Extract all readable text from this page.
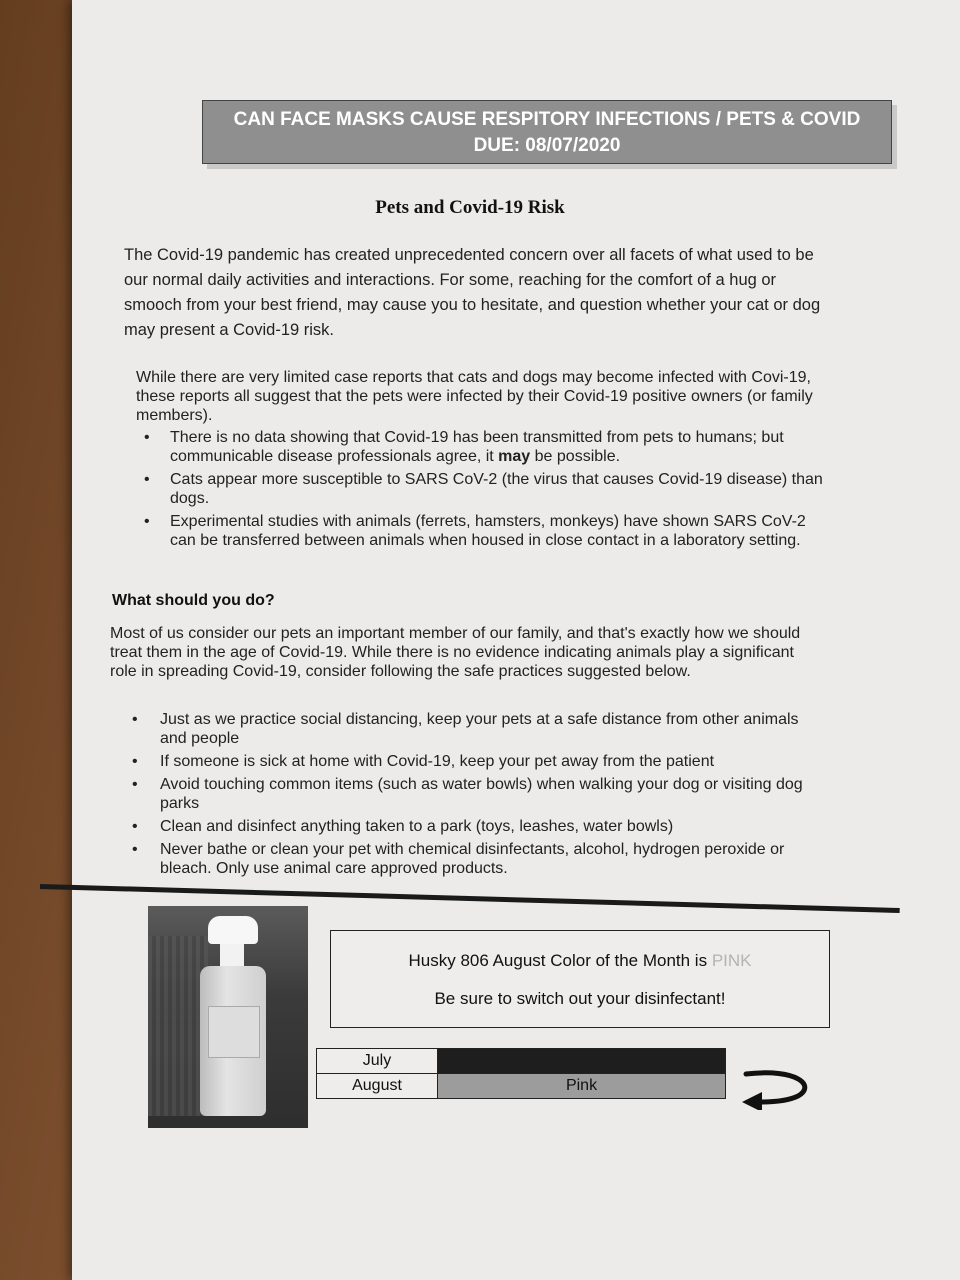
CAN FACE MASKS CAUSE RESPITORY INFECTIONS / PETS & COVID
DUE: 08/07/2020
Pets and Covid-19 Risk
The Covid-19 pandemic has created unprecedented concern over all facets of what used to be our normal daily activities and interactions. For some, reaching for the comfort of a hug or smooch from your best friend, may cause you to hesitate, and question whether your cat or dog may present a Covid-19 risk.
While there are very limited case reports that cats and dogs may become infected with Covi-19, these reports all suggest that the pets were infected by their Covid-19 positive owners (or family members).
• There is no data showing that Covid-19 has been transmitted from pets to humans; but communicable disease professionals agree, it may be possible.
• Cats appear more susceptible to SARS CoV-2 (the virus that causes Covid-19 disease) than dogs.
• Experimental studies with animals (ferrets, hamsters, monkeys) have shown SARS CoV-2 can be transferred between animals when housed in close contact in a laboratory setting.
What should you do?
Most of us consider our pets an important member of our family, and that's exactly how we should treat them in the age of Covid-19. While there is no evidence indicating animals play a significant role in spreading Covid-19, consider following the safe practices suggested below.
• Just as we practice social distancing, keep your pets at a safe distance from other animals and people
• If someone is sick at home with Covid-19, keep your pet away from the patient
• Avoid touching common items (such as water bowls) when walking your dog or visiting dog parks
• Clean and disinfect anything taken to a park (toys, leashes, water bowls)
• Never bathe or clean your pet with chemical disinfectants, alcohol, hydrogen peroxide or bleach. Only use animal care approved products.
Husky 806 August Color of the Month is PINK
Be sure to switch out your disinfectant!
July	
August	Pink
